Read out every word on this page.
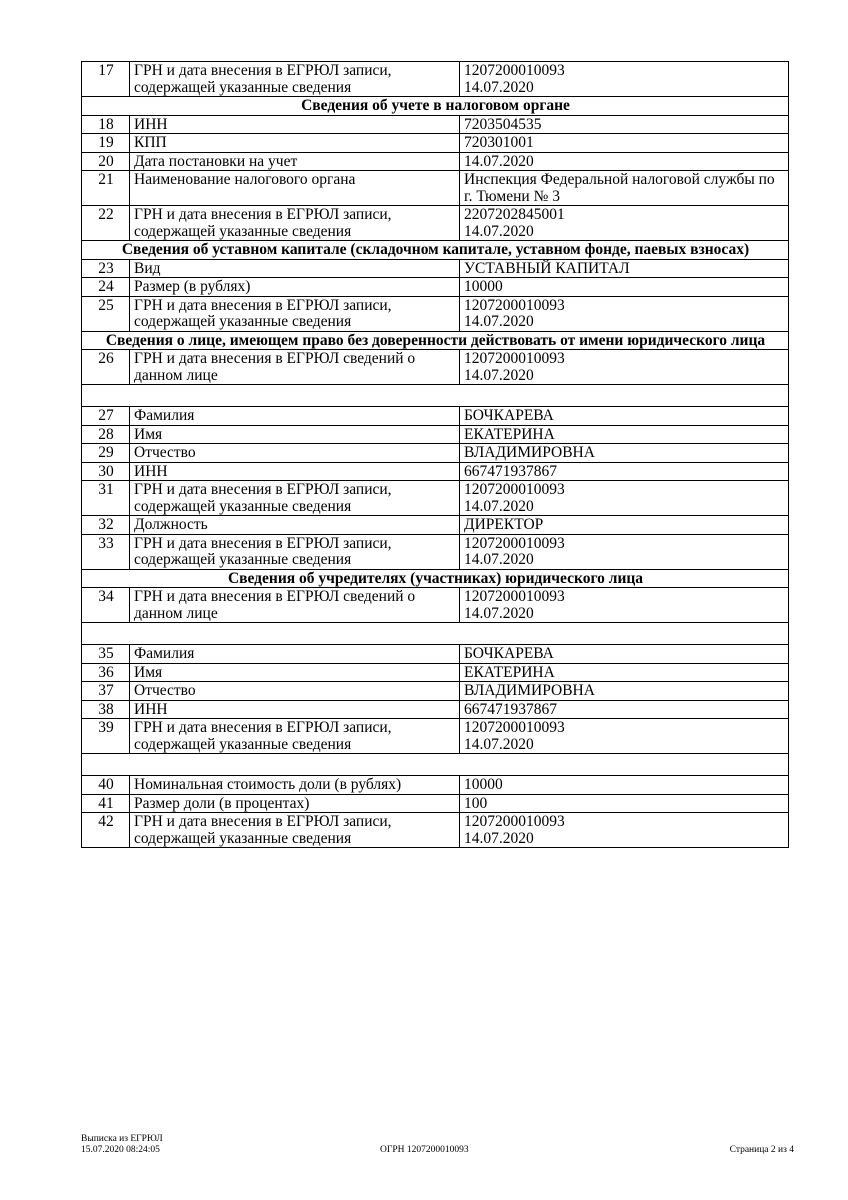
17	ГРН и дата внесения в ЕГРЮЛ записи, содержащей указанные сведения	1207200010093
14.07.2020
Сведения об учете в налоговом органе		
18	ИНН	7203504535
19	КПП	720301001
20	Дата постановки на учет	14.07.2020
21	Наименование налогового органа	Инспекция Федеральной налоговой службы по г. Тюмени № 3
22	ГРН и дата внесения в ЕГРЮЛ записи, содержащей указанные сведения	2207202845001
14.07.2020
Сведения об уставном капитале (складочном капитале, уставном фонде, паевых взносах)		
23	Вид	УСТАВНЫЙ КАПИТАЛ
24	Размер (в рублях)	10000
25	ГРН и дата внесения в ЕГРЮЛ записи, содержащей указанные сведения	1207200010093
14.07.2020
Сведения о лице, имеющем право без доверенности действовать от имени юридического лица		
26	ГРН и дата внесения в ЕГРЮЛ сведений о данном лице	1207200010093
14.07.2020

27	Фамилия	БОЧКАРЕВА
28	Имя	ЕКАТЕРИНА
29	Отчество	ВЛАДИМИРОВНА
30	ИНН	667471937867
31	ГРН и дата внесения в ЕГРЮЛ записи, содержащей указанные сведения	1207200010093
14.07.2020
32	Должность	ДИРЕКТОР
33	ГРН и дата внесения в ЕГРЮЛ записи, содержащей указанные сведения	1207200010093
14.07.2020
Сведения об учредителях (участниках) юридического лица		
34	ГРН и дата внесения в ЕГРЮЛ сведений о данном лице	1207200010093
14.07.2020

35	Фамилия	БОЧКАРЕВА
36	Имя	ЕКАТЕРИНА
37	Отчество	ВЛАДИМИРОВНА
38	ИНН	667471937867
39	ГРН и дата внесения в ЕГРЮЛ записи, содержащей указанные сведения	1207200010093
14.07.2020

40	Номинальная стоимость доли (в рублях)	10000
41	Размер доли (в процентах)	100
42	ГРН и дата внесения в ЕГРЮЛ записи, содержащей указанные сведения	1207200010093
14.07.2020
Выписка из ЕГРЮЛ
15.07.2020 08:24:05	ОГРН 1207200010093	Страница 2 из 4
